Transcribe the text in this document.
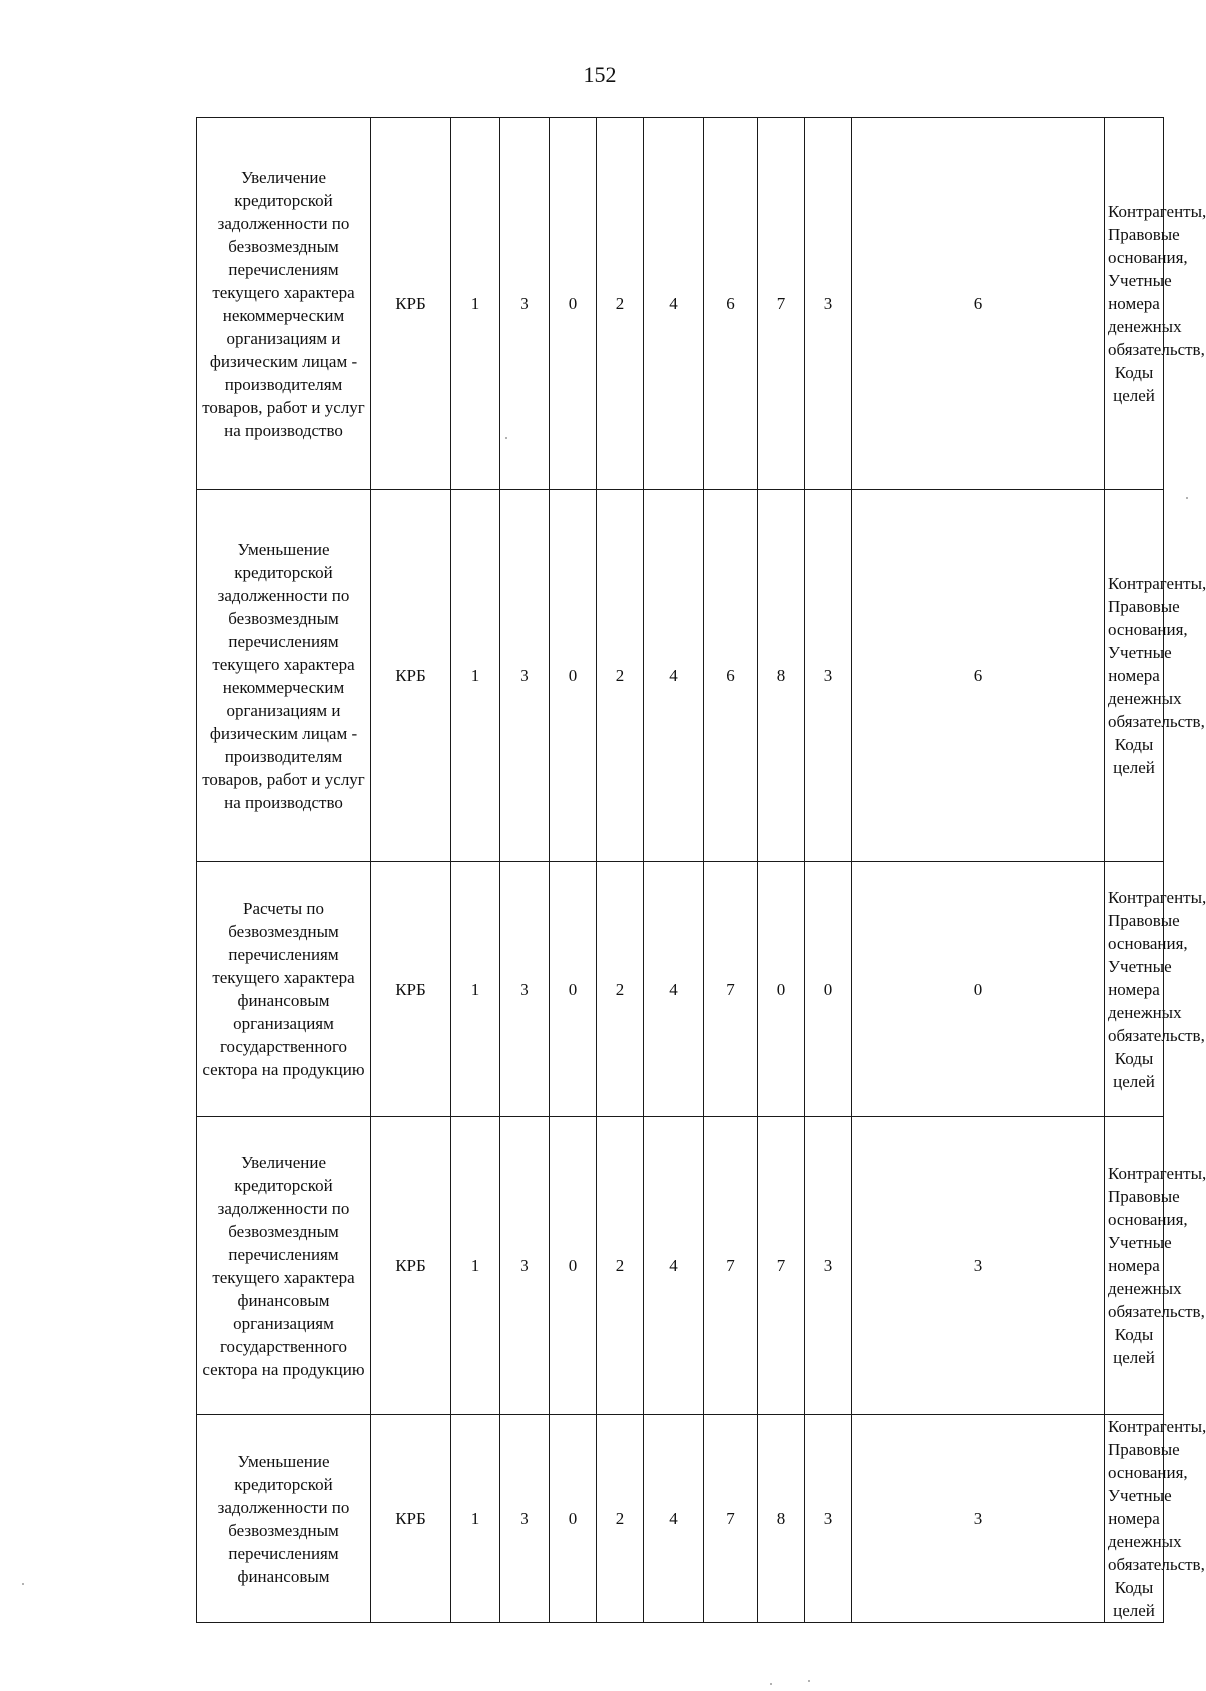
152
Увеличение кредиторской задолженности по безвозмездным перечислениям текущего характера некоммерческим организациям и физическим лицам - производителям товаров, работ и услуг на производство	КРБ	1	3	0	2	4	6	7	3	6	Контрагенты, Правовые основания, Учетные номера денежных обязательств, Коды целей
Уменьшение кредиторской задолженности по безвозмездным перечислениям текущего характера некоммерческим организациям и физическим лицам - производителям товаров, работ и услуг на производство	КРБ	1	3	0	2	4	6	8	3	6	Контрагенты, Правовые основания, Учетные номера денежных обязательств, Коды целей
Расчеты по безвозмездным перечислениям текущего характера финансовым организациям государственного сектора на продукцию	КРБ	1	3	0	2	4	7	0	0	0	Контрагенты, Правовые основания, Учетные номера денежных обязательств, Коды целей
Увеличение кредиторской задолженности по безвозмездным перечислениям текущего характера финансовым организациям государственного сектора на продукцию	КРБ	1	3	0	2	4	7	7	3	3	Контрагенты, Правовые основания, Учетные номера денежных обязательств, Коды целей
Уменьшение кредиторской задолженности по безвозмездным перечислениям финансовым	КРБ	1	3	0	2	4	7	8	3	3	Контрагенты, Правовые основания, Учетные номера денежных обязательств, Коды целей
